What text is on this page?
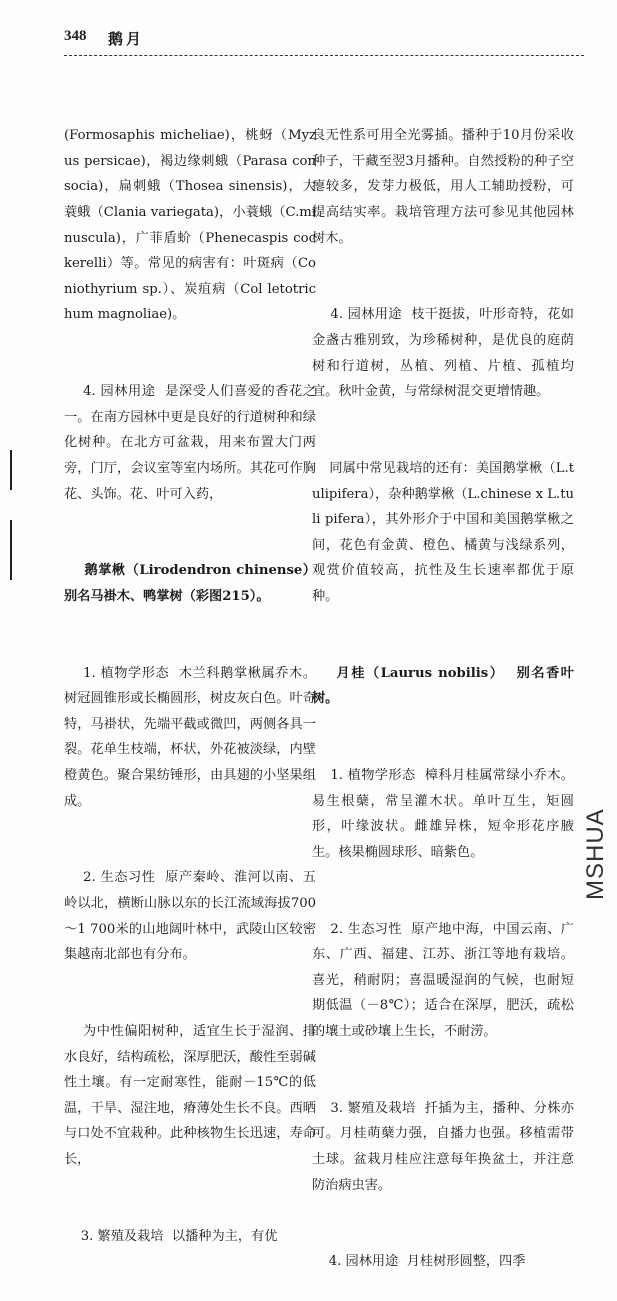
348 鹅月

(Formosaphis micheliae)，桃蚜（Myzus persicae)，褐边缘刺蛾（Parasa consocia)，扁刺蛾（Thosea sinensis)，大蓑蛾（Clania variegata)，小蓑蛾（C.minuscula)，广菲盾蚧（Phenecaspis cockerelli）等。常见的病害有：叶斑病（Coniothyrium sp.）、炭疽病（Col letotrichum magnoliae)。

4. 园林用途  是深受人们喜爱的香花之一。在南方园林中更是良好的行道树种和绿化树种。在北方可盆栽，用来布置大门两旁，门厅，会议室等室内场所。其花可作胸花、头饰。花、叶可入药，

鹅掌楸（Lirodendron chinense）别名马褂木、鸭掌树（彩图215）。

1. 植物学形态  木兰科鹅掌楸属乔木。树冠圆锥形或长椭圆形，树皮灰白色。叶奇特，马褂状，先端平截或微凹，两侧各具一裂。花单生枝端，杯状，外花被淡绿，内壁橙黄色。聚合果纺锤形，由具翅的小坚果组成。

2. 生态习性  原产秦岭、淮河以南、五岭以北，横断山脉以东的长江流域海拔700～1 700米的山地阔叶林中，武陵山区较密集越南北部也有分布。

为中性偏阳树种，适宜生长于湿润、排水良好，结构疏松，深厚肥沃，酸性至弱碱性土壤。有一定耐寒性，能耐－15℃的低温，干旱、湿注地，瘠薄处生长不良。西晒与口处不宜栽种。此种核物生长迅速，寿命长，

3. 繁殖及栽培  以播种为主，有优

良无性系可用全光雾插。播种于10月份采收种子，干藏至翌3月播种。自然授粉的种子空瘪较多，发芽力极低，用人工辅助授粉，可提高结实率。栽培管理方法可参见其他园林树木。

4. 园林用途  枝干挺拔，叶形奇特，花如金盏古雅别致，为珍稀树种，是优良的庭荫树和行道树，丛植、列植、片植、孤植均宜。秋叶金黄，与常绿树混交更增情趣。

同属中常见栽培的还有：美国鹅掌楸（L.tulipifera），杂种鹅掌楸（L.chinese x L.tuli pifera），其外形介于中国和美国鹅掌楸之间，花色有金黄、橙色、橘黄与浅绿系列，观赏价值较高，抗性及生长速率都优于原种。

月桂（Laurus nobilis）  别名香叶树。

1. 植物学形态  樟科月桂属常绿小乔木。易生根蘖，常呈灌木状。单叶互生，矩圆形，叶缘波状。雌雄异株，短伞形花序腋生。核果椭圆球形、暗紫色。

2. 生态习性  原产地中海，中国云南、广东、广西、福建、江苏、浙江等地有栽培。喜光，稍耐阴；喜温暖湿润的气候，也耐短期低温（－8℃）；适合在深厚，肥沃，疏松的壤土或砂壤上生长，不耐涝。

3. 繁殖及栽培  扦插为主，播种、分株亦可。月桂萌蘖力强，自播力也强。移植需带土球。盆栽月桂应注意每年换盆土，并注意防治病虫害。

4. 园林用途  月桂树形圆整，四季

MSHUA
